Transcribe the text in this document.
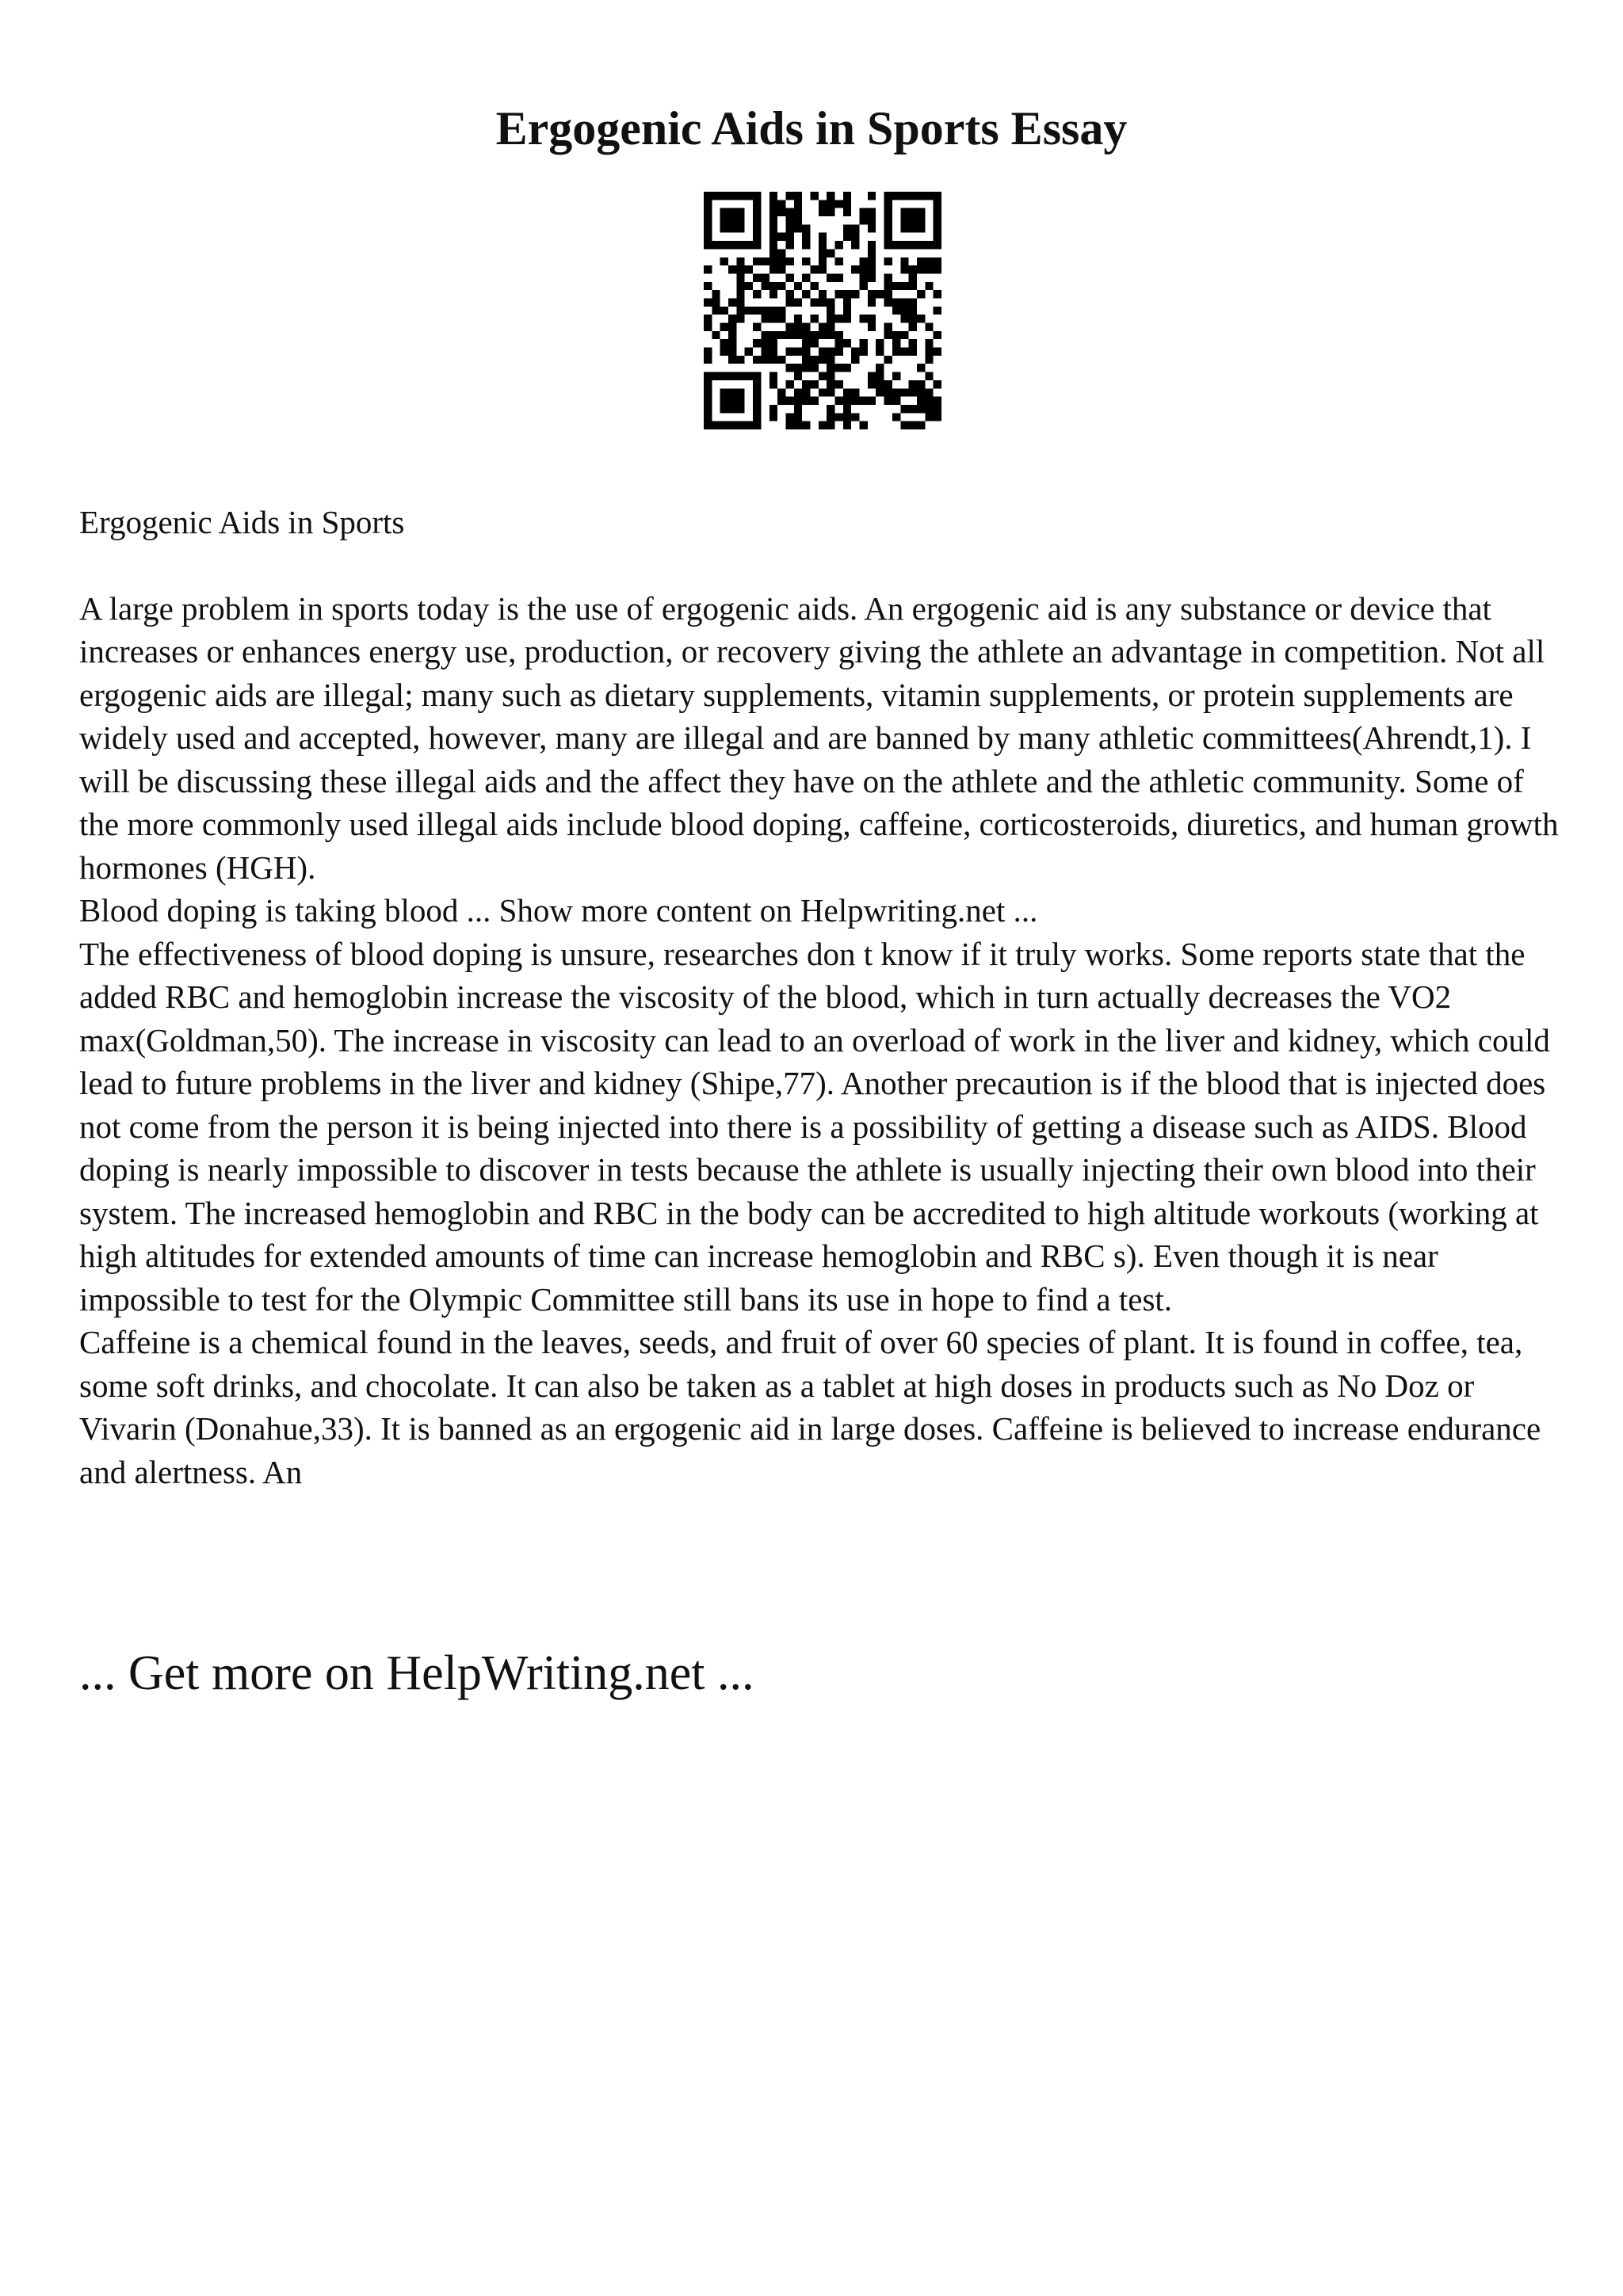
Ergogenic Aids in Sports Essay

Ergogenic Aids in Sports

A large problem in sports today is the use of ergogenic aids. An ergogenic aid is any substance or device that increases or enhances energy use, production, or recovery giving the athlete an advantage in competition. Not all ergogenic aids are illegal; many such as dietary supplements, vitamin supplements, or protein supplements are widely used and accepted, however, many are illegal and are banned by many athletic committees(Ahrendt,1). I will be discussing these illegal aids and the affect they have on the athlete and the athletic community. Some of the more commonly used illegal aids include blood doping, caffeine, corticosteroids, diuretics, and human growth hormones (HGH).

Blood doping is taking blood ... Show more content on Helpwriting.net ...

The effectiveness of blood doping is unsure, researches don t know if it truly works. Some reports state that the added RBC and hemoglobin increase the viscosity of the blood, which in turn actually decreases the VO2 max(Goldman,50). The increase in viscosity can lead to an overload of work in the liver and kidney, which could lead to future problems in the liver and kidney (Shipe,77). Another precaution is if the blood that is injected does not come from the person it is being injected into there is a possibility of getting a disease such as AIDS. Blood doping is nearly impossible to discover in tests because the athlete is usually injecting their own blood into their system. The increased hemoglobin and RBC in the body can be accredited to high altitude workouts (working at high altitudes for extended amounts of time can increase hemoglobin and RBC s). Even though it is near impossible to test for the Olympic Committee still bans its use in hope to find a test.

Caffeine is a chemical found in the leaves, seeds, and fruit of over 60 species of plant. It is found in coffee, tea, some soft drinks, and chocolate. It can also be taken as a tablet at high doses in products such as No Doz or Vivarin (Donahue,33). It is banned as an ergogenic aid in large doses. Caffeine is believed to increase endurance and alertness. An

... Get more on HelpWriting.net ...
